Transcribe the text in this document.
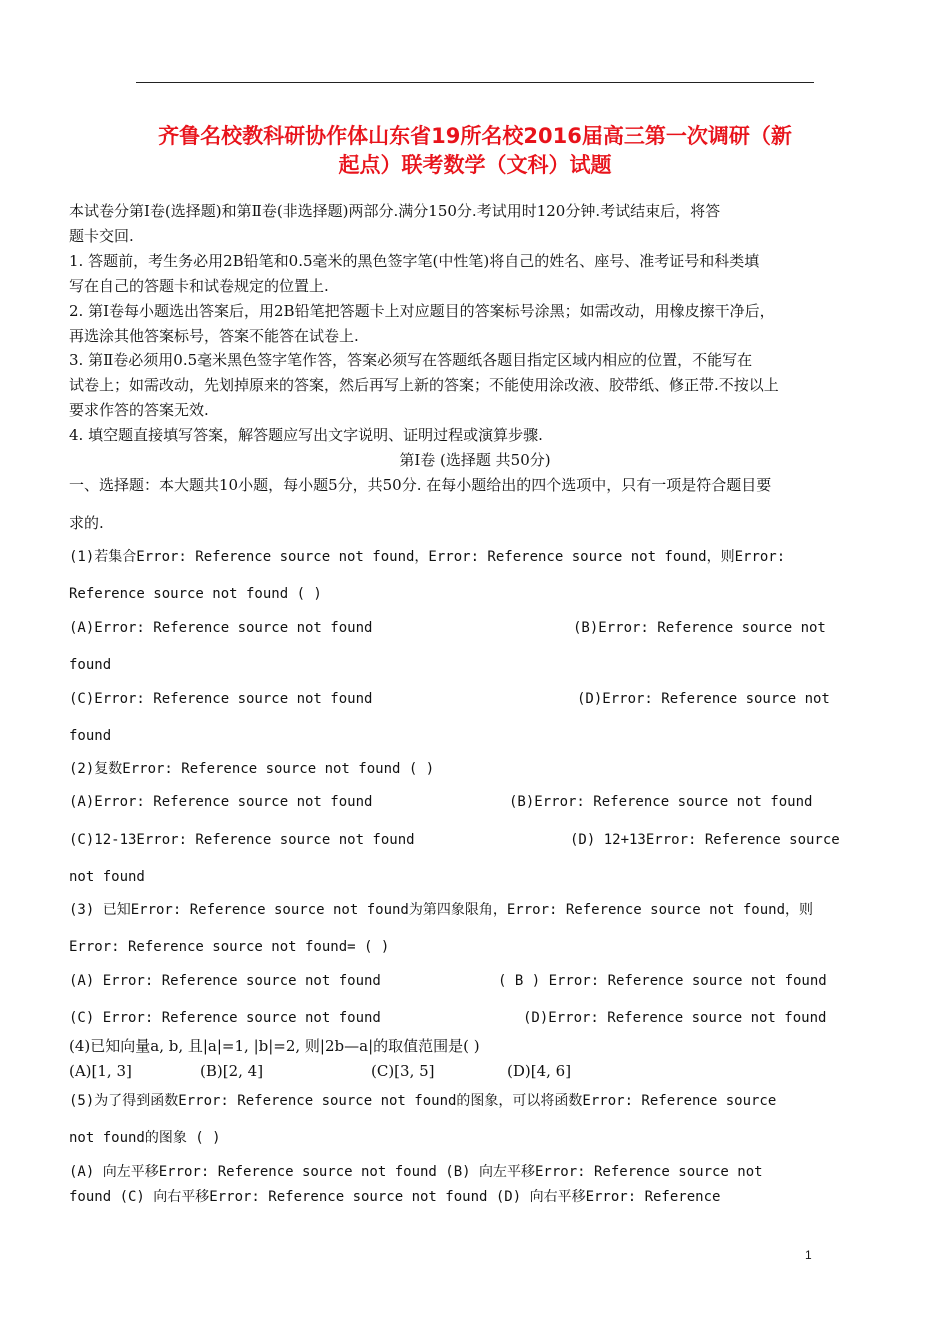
齐鲁名校教科研协作体山东省19所名校2016届高三第一次调研（新
起点）联考数学（文科）试题
本试卷分第Ⅰ卷(选择题)和第Ⅱ卷(非选择题)两部分.满分150分.考试用时120分钟.考试结束后，将答
题卡交回.
1. 答题前，考生务必用2B铅笔和0.5毫米的黑色签字笔(中性笔)将自己的姓名、座号、准考证号和科类填
写在自己的答题卡和试卷规定的位置上.
2. 第Ⅰ卷每小题选出答案后，用2B铅笔把答题卡上对应题目的答案标号涂黑；如需改动，用橡皮擦干净后，
再选涂其他答案标号，答案不能答在试卷上.
3. 第Ⅱ卷必须用0.5毫米黑色签字笔作答，答案必须写在答题纸各题目指定区域内相应的位置，不能写在
试卷上；如需改动，先划掉原来的答案，然后再写上新的答案；不能使用涂改液、胶带纸、修正带.不按以上
要求作答的答案无效.
4. 填空题直接填写答案，解答题应写出文字说明、证明过程或演算步骤.
第Ⅰ卷 (选择题 共50分)
一、选择题：本大题共10小题，每小题5分，共50分. 在每小题给出的四个选项中，只有一项是符合题目要
求的.
(1)若集合Error: Reference source not found，Error: Reference source not found，则Error:
Reference source not found ( )
(A)Error: Reference source not found	(B)Error: Reference source not
found
(C)Error: Reference source not found	(D)Error: Reference source not
found
(2)复数Error: Reference source not found ( )
(A)Error: Reference source not found	(B)Error: Reference source not found
(C)12-13Error: Reference source not found	(D) 12+13Error: Reference source
not found
(3) 已知Error: Reference source not found为第四象限角，Error: Reference source not found，则
Error: Reference source not found= ( )
(A) Error: Reference source not found	( B ) Error: Reference source not found
(C) Error: Reference source not found	(D)Error: Reference source not found
(4)已知向量a, b, 且|a|=1, |b|=2, 则|2b—a|的取值范围是( )
(A)[1, 3]	(B)[2, 4]	(C)[3, 5]	(D)[4, 6]
(5)为了得到函数Error: Reference source not found的图象，可以将函数Error: Reference source
not found的图象 ( )
(A) 向左平移Error: Reference source not found (B) 向左平移Error: Reference source not
found (C) 向右平移Error: Reference source not found (D) 向右平移Error: Reference
1
